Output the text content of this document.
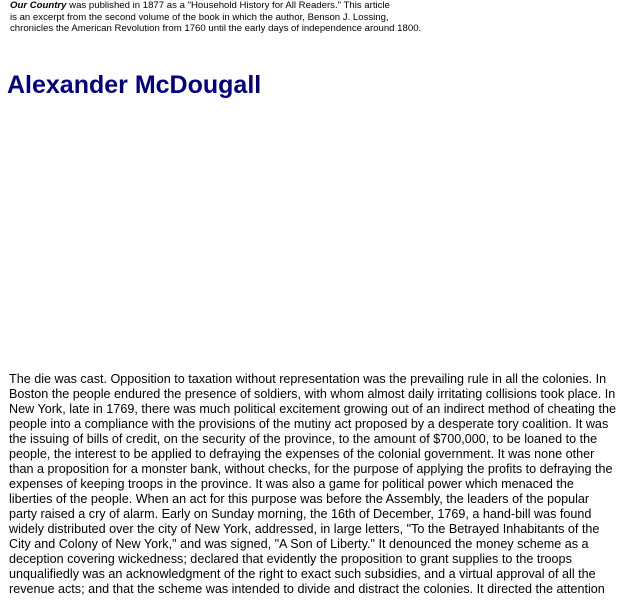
Our Country was published in 1877 as a "Household History for All Readers." This article
is an excerpt from the second volume of the book in which the author, Benson J. Lossing,
chronicles the American Revolution from 1760 until the early days of independence around 1800.
Alexander McDougall
The die was cast. Opposition to taxation without representation was the prevailing rule in all the colonies. In
Boston the people endured the presence of soldiers, with whom almost daily irritating collisions took place. In
New York, late in 1769, there was much political excitement growing out of an indirect method of cheating the
people into a compliance with the provisions of the mutiny act proposed by a desperate tory coalition. It was
the issuing of bills of credit, on the security of the province, to the amount of $700,000, to be loaned to the
people, the interest to be applied to defraying the expenses of the colonial government. It was none other
than a proposition for a monster bank, without checks, for the purpose of applying the profits to defraying the
expenses of keeping troops in the province. It was also a game for political power which menaced the
liberties of the people. When an act for this purpose was before the Assembly, the leaders of the popular
party raised a cry of alarm. Early on Sunday morning, the 16th of December, 1769, a hand-bill was found
widely distributed over the city of New York, addressed, in large letters, "To the Betrayed Inhabitants of the
City and Colony of New York," and was signed, "A Son of Liberty." It denounced the money scheme as a
deception covering wickedness; declared that evidently the proposition to grant supplies to the troops
unqualifiedly was an acknowledgment of the right to exact such subsidies, and a virtual approval of all the
revenue acts; and that the scheme was intended to divide and distract the colonies. It directed the attention
